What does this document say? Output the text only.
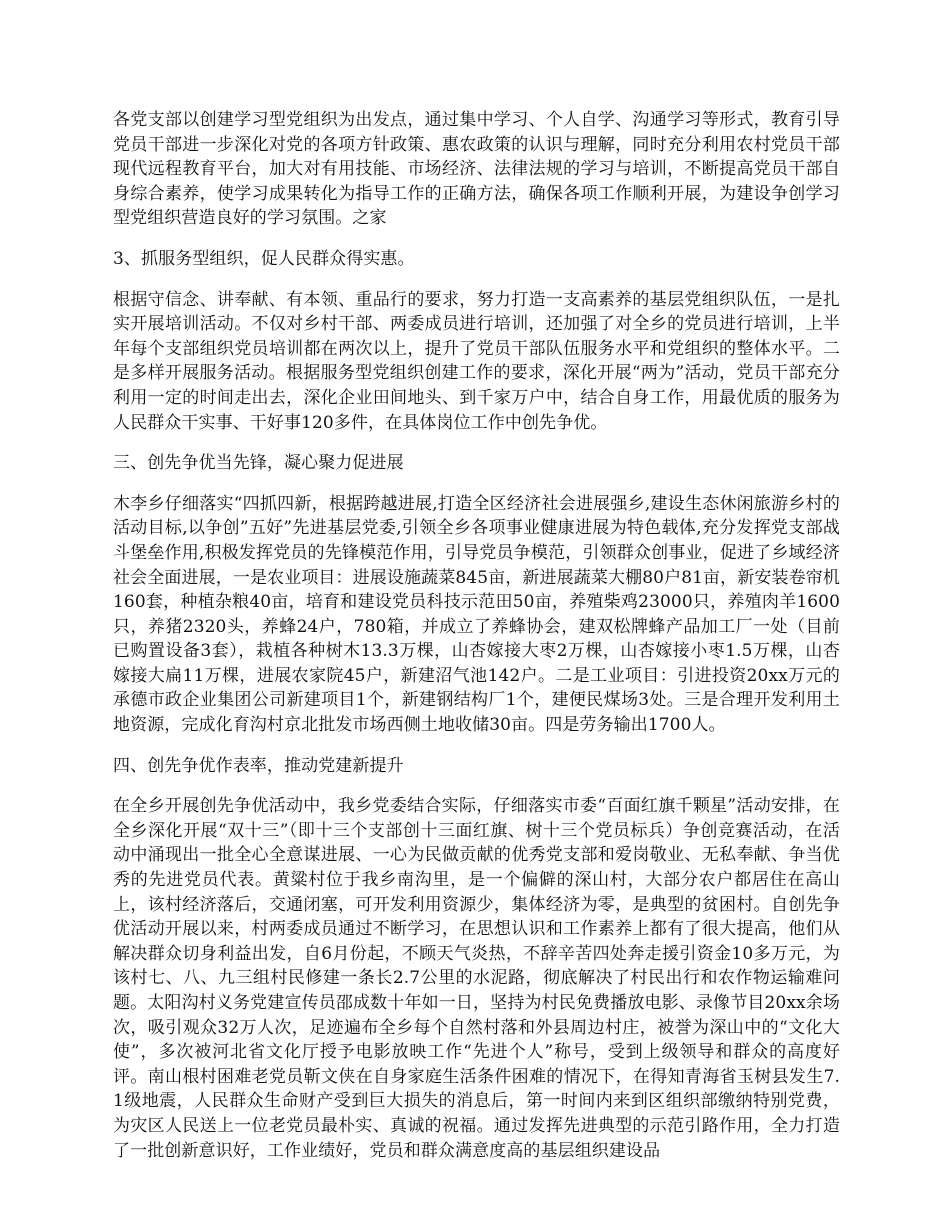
各党支部以创建学习型党组织为出发点，通过集中学习、个人自学、沟通学习等形式，教育引导党员干部进一步深化对党的各项方针政策、惠农政策的认识与理解，同时充分利用农村党员干部现代远程教育平台，加大对有用技能、市场经济、法律法规的学习与培训，不断提高党员干部自身综合素养，使学习成果转化为指导工作的正确方法，确保各项工作顺利开展，为建设争创学习型党组织营造良好的学习氛围。之家

3、抓服务型组织，促人民群众得实惠。

根据守信念、讲奉献、有本领、重品行的要求，努力打造一支高素养的基层党组织队伍，一是扎实开展培训活动。不仅对乡村干部、两委成员进行培训，还加强了对全乡的党员进行培训，上半年每个支部组织党员培训都在两次以上，提升了党员干部队伍服务水平和党组织的整体水平。二是多样开展服务活动。根据服务型党组织创建工作的要求，深化开展“两为”活动，党员干部充分利用一定的时间走出去，深化企业田间地头、到千家万户中，结合自身工作，用最优质的服务为人民群众干实事、干好事120多件，在具体岗位工作中创先争优。

三、创先争优当先锋，凝心聚力促进展

木李乡仔细落实“四抓四新，根据跨越进展,打造全区经济社会进展强乡,建设生态休闲旅游乡村的活动目标,以争创”五好”先进基层党委,引领全乡各项事业健康进展为特色载体,充分发挥党支部战斗堡垒作用,积极发挥党员的先锋模范作用，引导党员争模范，引领群众创事业，促进了乡域经济社会全面进展，一是农业项目：进展设施蔬菜845亩，新进展蔬菜大棚80户81亩，新安装卷帘机160套，种植杂粮40亩，培育和建设党员科技示范田50亩，养殖柴鸡23000只，养殖肉羊1600只，养猪2320头，养蜂24户，780箱，并成立了养蜂协会，建双松牌蜂产品加工厂一处（目前已购置设备3套），栽植各种树木13.3万棵，山杏嫁接大枣2万棵，山杏嫁接小枣1.5万棵，山杏嫁接大扁11万棵，进展农家院45户，新建沼气池142户。二是工业项目：引进投资20xx万元的承德市政企业集团公司新建项目1个，新建钢结构厂1个，建便民煤场3处。三是合理开发利用土地资源，完成化育沟村京北批发市场西侧土地收储30亩。四是劳务输出1700人。

四、创先争优作表率，推动党建新提升

在全乡开展创先争优活动中，我乡党委结合实际，仔细落实市委“百面红旗千颗星”活动安排，在全乡深化开展“双十三”（即十三个支部创十三面红旗、树十三个党员标兵）争创竞赛活动，在活动中涌现出一批全心全意谋进展、一心为民做贡献的优秀党支部和爱岗敬业、无私奉献、争当优秀的先进党员代表。黄粱村位于我乡南沟里，是一个偏僻的深山村，大部分农户都居住在高山上，该村经济落后，交通闭塞，可开发利用资源少，集体经济为零，是典型的贫困村。自创先争优活动开展以来，村两委成员通过不断学习，在思想认识和工作素养上都有了很大提高，他们从解决群众切身利益出发，自6月份起，不顾天气炎热，不辞辛苦四处奔走援引资金10多万元，为该村七、八、九三组村民修建一条长2.7公里的水泥路，彻底解决了村民出行和农作物运输难问题。太阳沟村义务党建宣传员邵成数十年如一日，坚持为村民免费播放电影、录像节目20xx余场次，吸引观众32万人次，足迹遍布全乡每个自然村落和外县周边村庄，被誉为深山中的“文化大使”，多次被河北省文化厅授予电影放映工作“先进个人”称号，受到上级领导和群众的高度好评。南山根村困难老党员靳文侠在自身家庭生活条件困难的情况下，在得知青海省玉树县发生7.1级地震，人民群众生命财产受到巨大损失的消息后，第一时间内来到区组织部缴纳特别党费，为灾区人民送上一位老党员最朴实、真诚的祝福。通过发挥先进典型的示范引路作用，全力打造了一批创新意识好，工作业绩好，党员和群众满意度高的基层组织建设品
